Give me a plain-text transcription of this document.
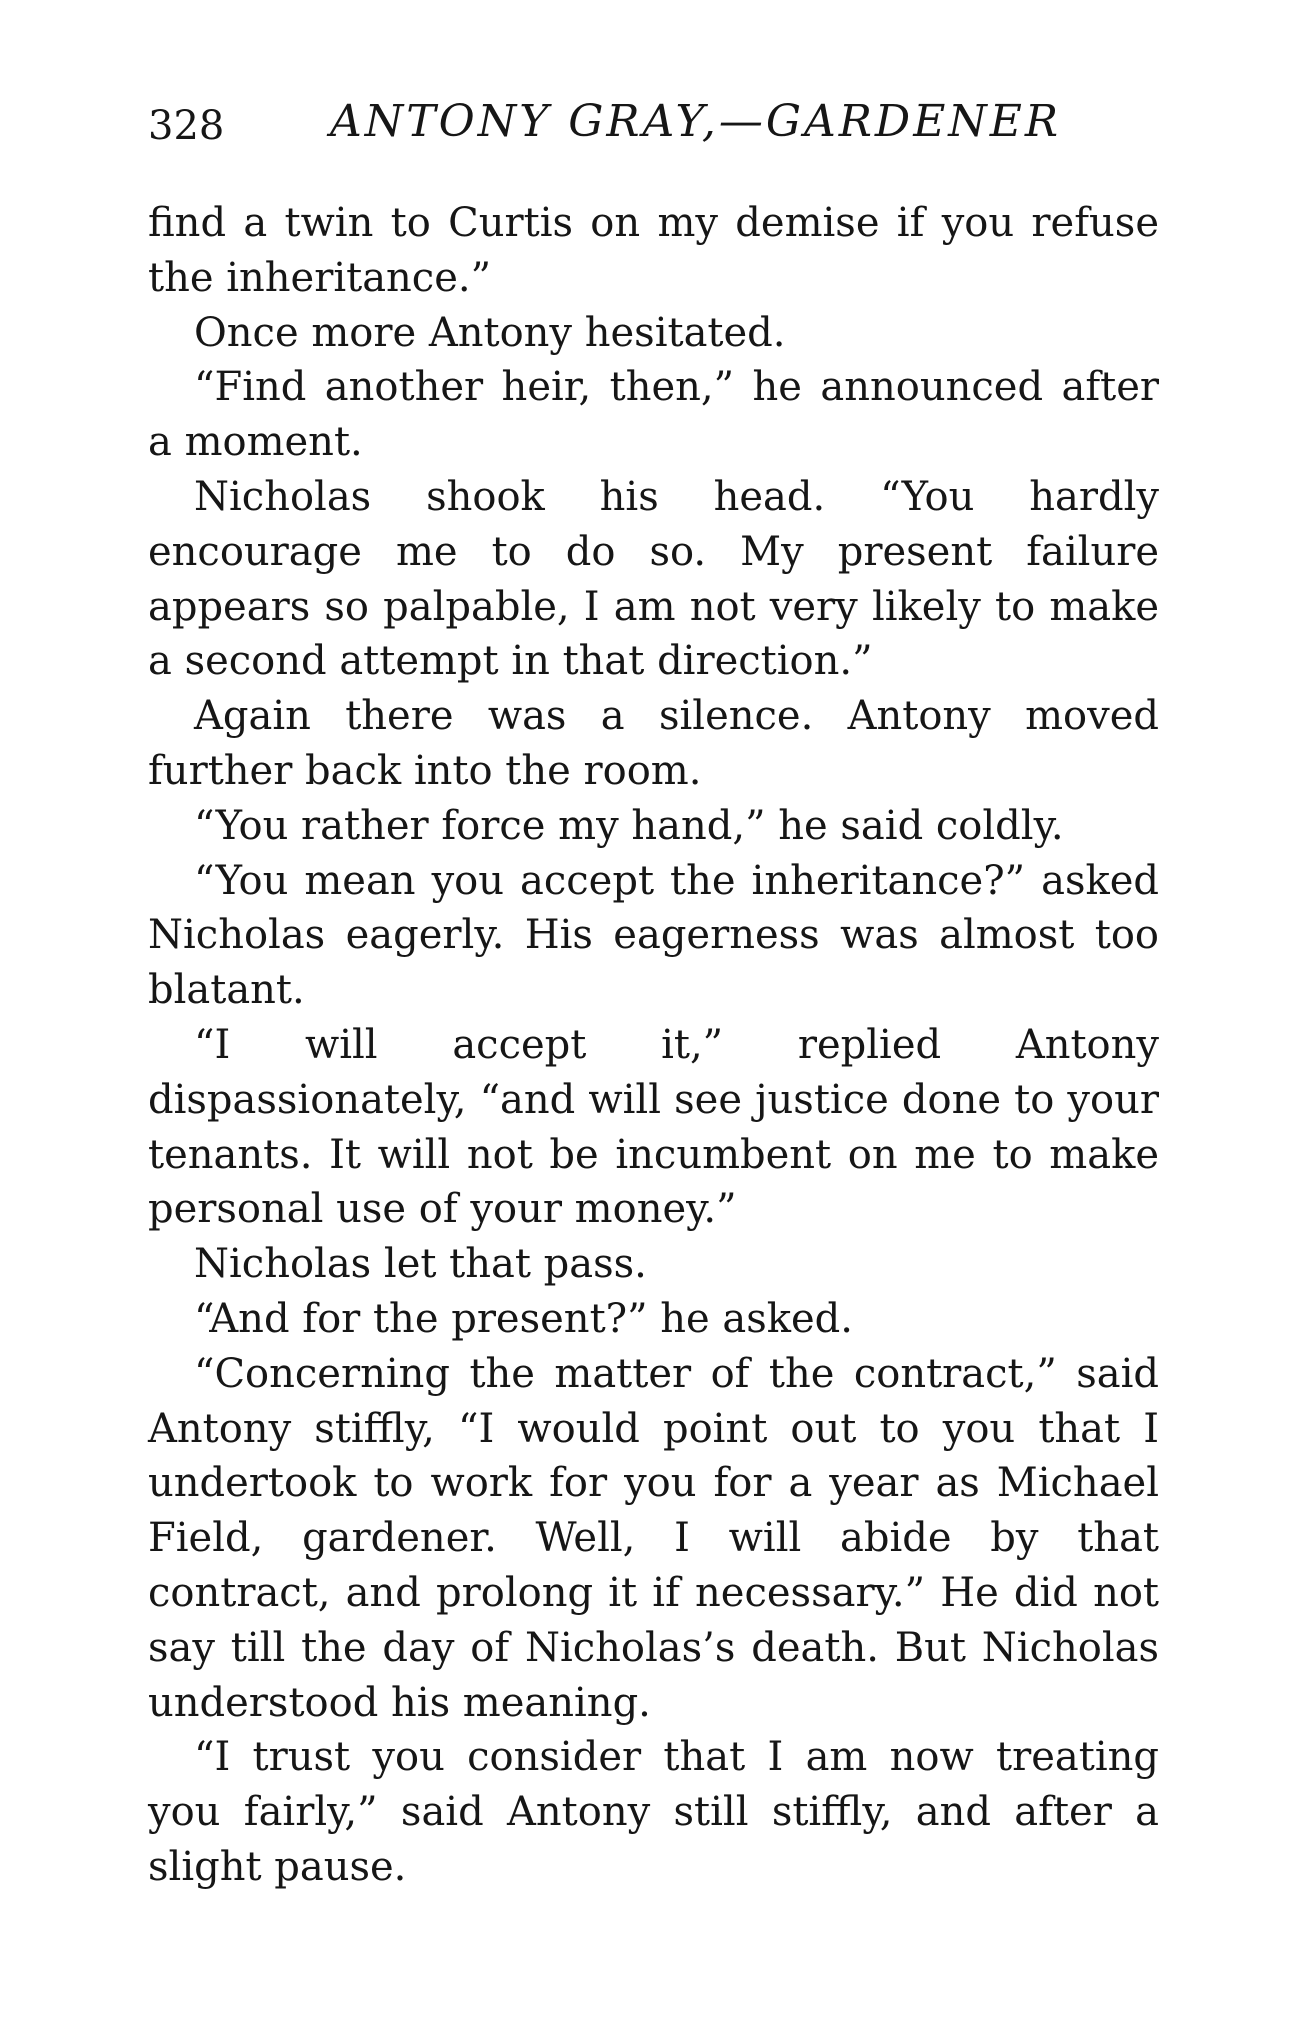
328 ANTONY GRAY,—GARDENER

find a twin to Curtis on my demise if you refuse the inheritance.”

Once more Antony hesitated.

“Find another heir, then,” he announced after a moment.

Nicholas shook his head. “You hardly encourage me to do so. My present failure appears so palpable, I am not very likely to make a second attempt in that direction.”

Again there was a silence. Antony moved further back into the room.

“You rather force my hand,” he said coldly.

“You mean you accept the inheritance?” asked Nicholas eagerly. His eagerness was almost too blatant.

“I will accept it,” replied Antony dispassionately, “and will see justice done to your tenants. It will not be incumbent on me to make personal use of your money.”

Nicholas let that pass.

“And for the present?” he asked.

“Concerning the matter of the contract,” said Antony stiffly, “I would point out to you that I undertook to work for you for a year as Michael Field, gardener. Well, I will abide by that contract, and prolong it if necessary.” He did not say till the day of Nicholas’s death. But Nicholas understood his meaning.

“I trust you consider that I am now treating you fairly,” said Antony still stiffly, and after a slight pause.
